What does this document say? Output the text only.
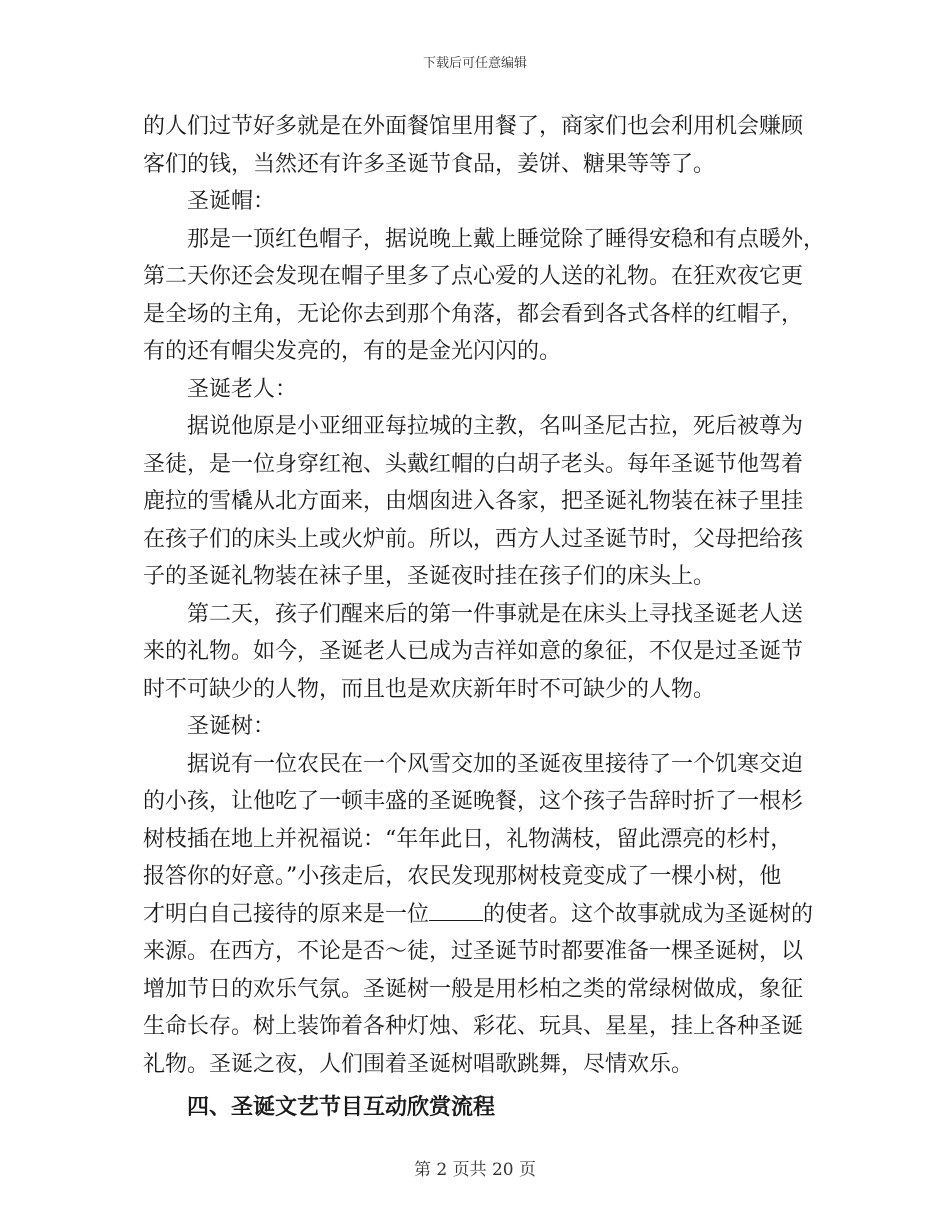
下载后可任意编辑
的人们过节好多就是在外面餐馆里用餐了，商家们也会利用机会赚顾
客们的钱，当然还有许多圣诞节食品，姜饼、糖果等等了。
圣诞帽：
那是一顶红色帽子，据说晚上戴上睡觉除了睡得安稳和有点暖外，
第二天你还会发现在帽子里多了点心爱的人送的礼物。在狂欢夜它更
是全场的主角，无论你去到那个角落，都会看到各式各样的红帽子，
有的还有帽尖发亮的，有的是金光闪闪的。
圣诞老人：
据说他原是小亚细亚每拉城的主教，名叫圣尼古拉，死后被尊为
圣徒，是一位身穿红袍、头戴红帽的白胡子老头。每年圣诞节他驾着
鹿拉的雪橇从北方面来，由烟囱进入各家，把圣诞礼物装在袜子里挂
在孩子们的床头上或火炉前。所以，西方人过圣诞节时，父母把给孩
子的圣诞礼物装在袜子里，圣诞夜时挂在孩子们的床头上。
第二天，孩子们醒来后的第一件事就是在床头上寻找圣诞老人送
来的礼物。如今，圣诞老人已成为吉祥如意的象征，不仅是过圣诞节
时不可缺少的人物，而且也是欢庆新年时不可缺少的人物。
圣诞树：
据说有一位农民在一个风雪交加的圣诞夜里接待了一个饥寒交迫
的小孩，让他吃了一顿丰盛的圣诞晚餐，这个孩子告辞时折了一根杉
树枝插在地上并祝福说：“年年此日，礼物满枝，留此漂亮的杉村，
报答你的好意。”小孩走后，农民发现那树枝竟变成了一棵小树，他
才明白自己接待的原来是一位 的使者。这个故事就成为圣诞树的
来源。在西方，不论是否～徒，过圣诞节时都要准备一棵圣诞树，以
增加节日的欢乐气氛。圣诞树一般是用杉柏之类的常绿树做成，象征
生命长存。树上装饰着各种灯烛、彩花、玩具、星星，挂上各种圣诞
礼物。圣诞之夜，人们围着圣诞树唱歌跳舞，尽情欢乐。
四、圣诞文艺节目互动欣赏流程
第 2 页共 20 页
